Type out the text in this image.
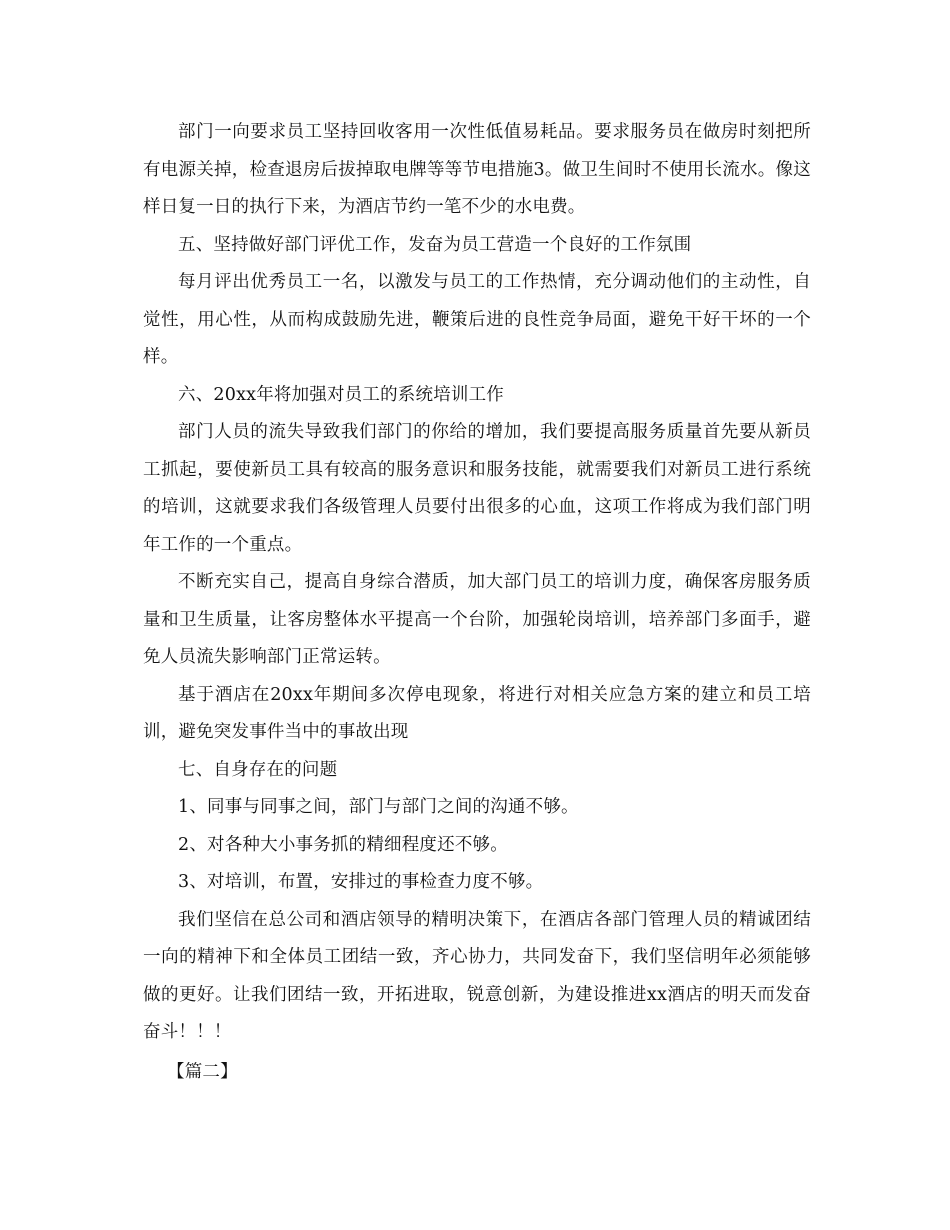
部门一向要求员工坚持回收客用一次性低值易耗品。要求服务员在做房时刻把所有电源关掉，检查退房后拔掉取电牌等等节电措施3。做卫生间时不使用长流水。像这样日复一日的执行下来，为酒店节约一笔不少的水电费。

五、坚持做好部门评优工作，发奋为员工营造一个良好的工作氛围

每月评出优秀员工一名，以激发与员工的工作热情，充分调动他们的主动性，自觉性，用心性，从而构成鼓励先进，鞭策后进的良性竞争局面，避免干好干坏的一个样。

六、20xx年将加强对员工的系统培训工作

部门人员的流失导致我们部门的你给的增加，我们要提高服务质量首先要从新员工抓起，要使新员工具有较高的服务意识和服务技能，就需要我们对新员工进行系统的培训，这就要求我们各级管理人员要付出很多的心血，这项工作将成为我们部门明年工作的一个重点。

不断充实自己，提高自身综合潜质，加大部门员工的培训力度，确保客房服务质量和卫生质量，让客房整体水平提高一个台阶，加强轮岗培训，培养部门多面手，避免人员流失影响部门正常运转。

基于酒店在20xx年期间多次停电现象，将进行对相关应急方案的建立和员工培训，避免突发事件当中的事故出现

七、自身存在的问题

1、同事与同事之间，部门与部门之间的沟通不够。

2、对各种大小事务抓的精细程度还不够。

3、对培训，布置，安排过的事检查力度不够。

我们坚信在总公司和酒店领导的精明决策下，在酒店各部门管理人员的精诚团结一向的精神下和全体员工团结一致，齐心协力，共同发奋下，我们坚信明年必须能够做的更好。让我们团结一致，开拓进取，锐意创新，为建设推进xx酒店的明天而发奋奋斗！！！

【篇二】
